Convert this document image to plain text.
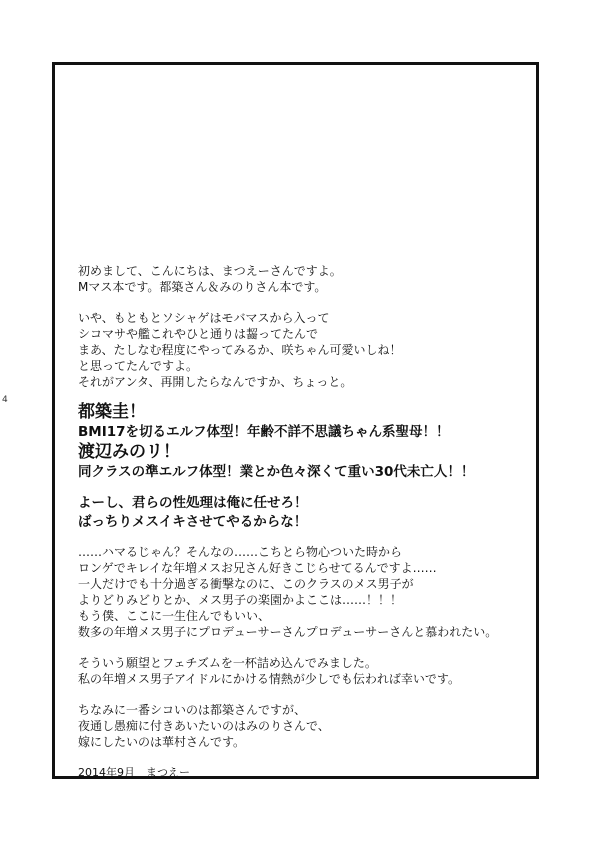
4

初めまして、こんにちは、まつえーさんですよ。

Mマス本です。都築さん＆みのりさん本です。

いや、もともとソシャゲはモバマスから入って

シコマサや艦これやひと通りは齧ってたんで

まあ、たしなむ程度にやってみるか、咲ちゃん可愛いしね！

と思ってたんですよ。

それがアンタ、再開したらなんですか、ちょっと。

都築圭！

BMI17を切るエルフ体型！年齢不詳不思議ちゃん系聖母！！

渡辺みのリ！

同クラスの準エルフ体型！業とか色々深くて重い30代未亡人！！

よーし、君らの性処理は俺に任せろ！

ばっちりメスイキさせてやるからな！

……ハマるじゃん？そんなの……こちとら物心ついた時から

ロンゲでキレイな年増メスお兄さん好きこじらせてるんですよ……

一人だけでも十分過ぎる衝撃なのに、このクラスのメス男子が

よりどりみどりとか、メス男子の楽園かよここは……！！！

もう僕、ここに一生住んでもいい、

数多の年増メス男子にプロデューサーさんプロデューサーさんと慕われたい。

そういう願望とフェチズムを一杯詰め込んでみました。

私の年増メス男子アイドルにかける情熱が少しでも伝われば幸いです。

ちなみに一番シコいのは都築さんですが、

夜通し愚痴に付きあいたいのはみのりさんで、

嫁にしたいのは華村さんです。

2014年9月　まつえー
